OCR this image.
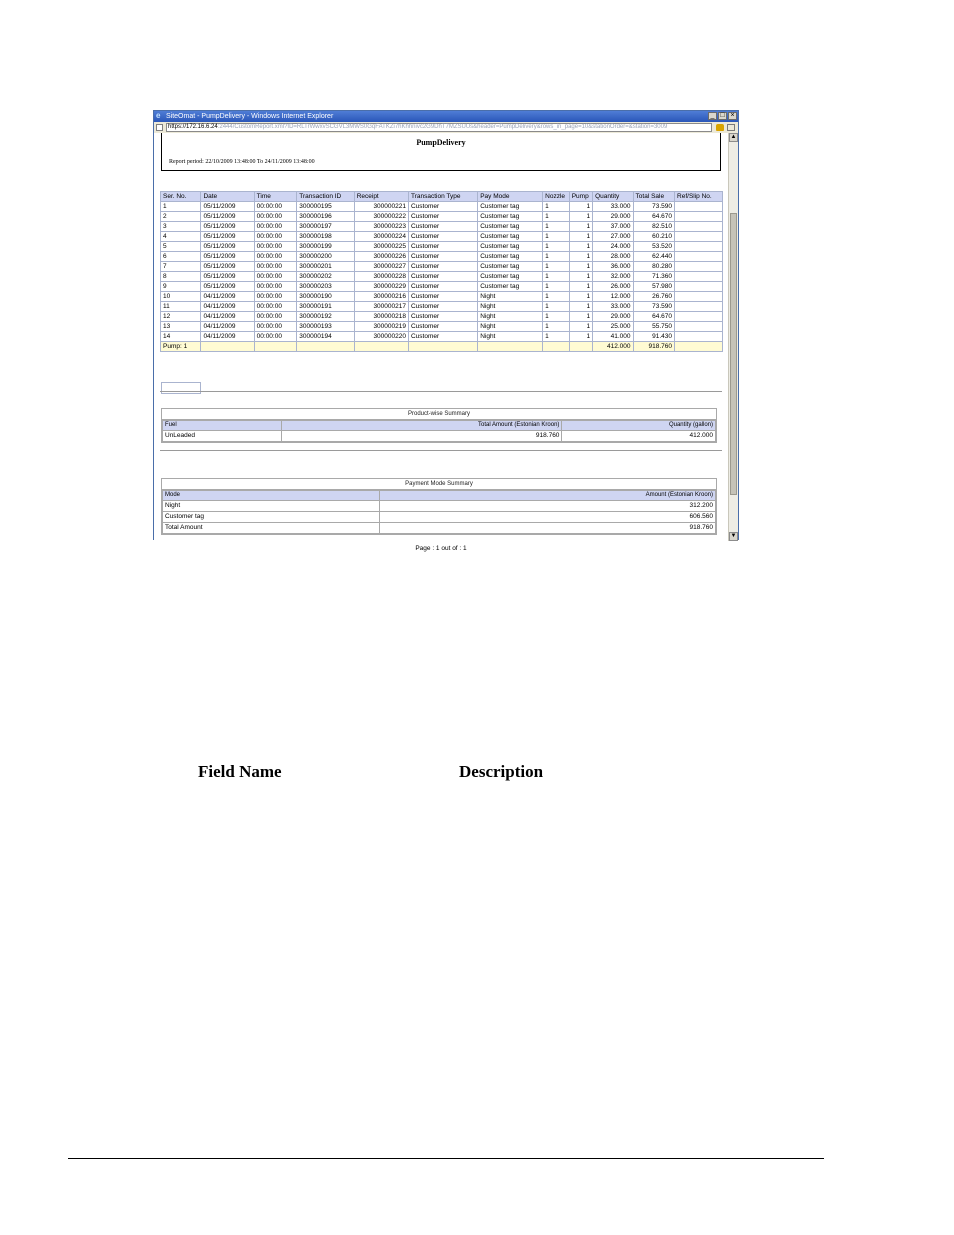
e SiteOmat - PumpDelivery - Windows Internet Explorer	_ □ ×
https://172.16.6.24:2444/CustomReport.xml?ID=RLTrWwxvSCGVL3MWS0GqFATKZi7hKhhnivc2G9DhT7MZSUUs&header=PumpDelivery&rows_in_page=10&stationOrder=&station=3009
PumpDelivery
Report period: 22/10/2009 13:48:00 To 24/11/2009 13:48:00
Ser. No.	Date	Time	Transaction ID	Receipt	Transaction Type	Pay Mode	Nozzle	Pump	Quantity	Total Sale	Ref/Slip No.
1	05/11/2009	00:00:00	300000195	300000221	Customer	Customer tag	1	1	33.000	73.590	
2	05/11/2009	00:00:00	300000196	300000222	Customer	Customer tag	1	1	29.000	64.670	
3	05/11/2009	00:00:00	300000197	300000223	Customer	Customer tag	1	1	37.000	82.510	
4	05/11/2009	00:00:00	300000198	300000224	Customer	Customer tag	1	1	27.000	60.210	
5	05/11/2009	00:00:00	300000199	300000225	Customer	Customer tag	1	1	24.000	53.520	
6	05/11/2009	00:00:00	300000200	300000226	Customer	Customer tag	1	1	28.000	62.440	
7	05/11/2009	00:00:00	300000201	300000227	Customer	Customer tag	1	1	36.000	80.280	
8	05/11/2009	00:00:00	300000202	300000228	Customer	Customer tag	1	1	32.000	71.360	
9	05/11/2009	00:00:00	300000203	300000229	Customer	Customer tag	1	1	26.000	57.980	
10	04/11/2009	00:00:00	300000190	300000216	Customer	Night	1	1	12.000	26.760	
11	04/11/2009	00:00:00	300000191	300000217	Customer	Night	1	1	33.000	73.590	
12	04/11/2009	00:00:00	300000192	300000218	Customer	Night	1	1	29.000	64.670	
13	04/11/2009	00:00:00	300000193	300000219	Customer	Night	1	1	25.000	55.750	
14	04/11/2009	00:00:00	300000194	300000220	Customer	Night	1	1	41.000	91.430	
Pump: 1									412.000	918.760	
Product-wise Summary
Fuel	Total Amount (Estonian Kroon)	Quantity (gallon)
UnLeaded	918.760	412.000
Payment Mode Summary
Mode	Amount (Estonian Kroon)
Night	312.200
Customer tag	606.560
Total Amount	918.760
Page : 1 out of : 1
▲
▼
Field Name	Description
